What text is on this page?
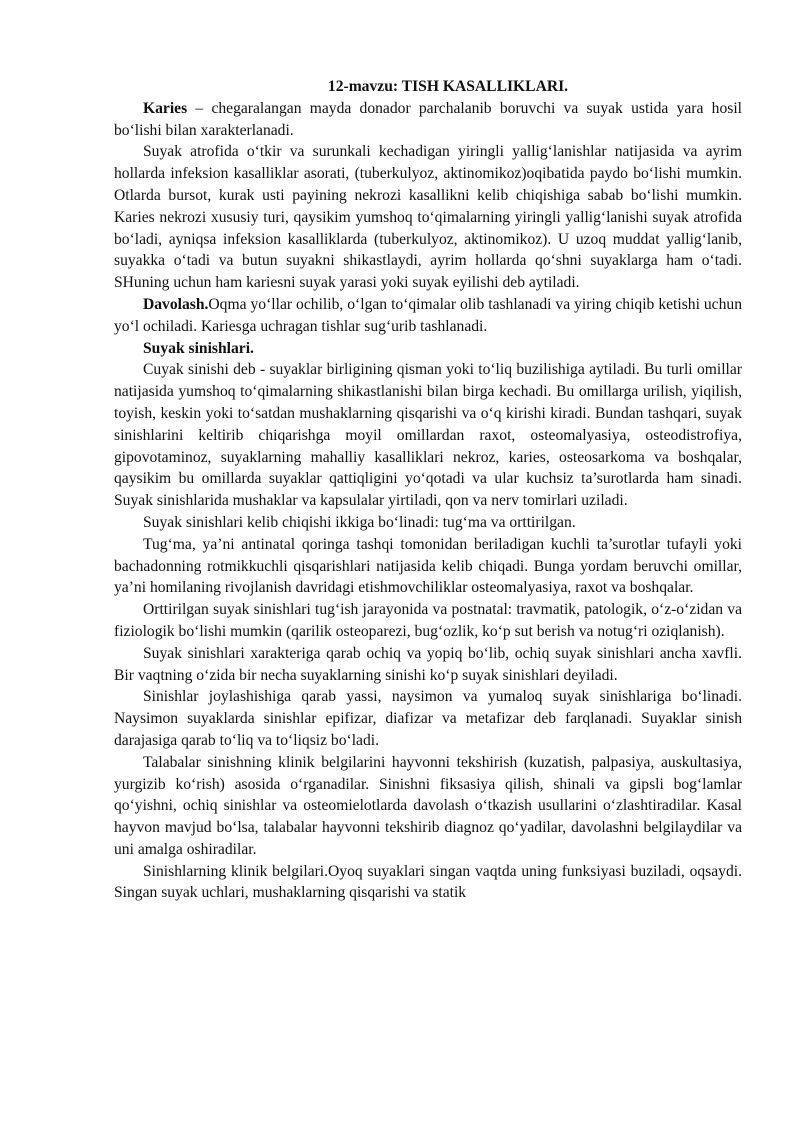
12-mavzu: TISH KASALLIKLARI.

Karies – chegaralangan mayda donador parchalanib boruvchi va suyak ustida yara hosil bo‘lishi bilan xarakterlanadi.

Suyak atrofida o‘tkir va surunkali kechadigan yiringli yallig‘lanishlar natijasida va ayrim hollarda infeksion kasalliklar asorati, (tuberkulyoz, aktinomikoz)oqibatida paydo bo‘lishi mumkin. Otlarda bursot, kurak usti payining nekrozi kasallikni kelib chiqishiga sabab bo‘lishi mumkin. Karies nekrozi xususiy turi, qaysikim yumshoq to‘qimalarning yiringli yallig‘lanishi suyak atrofida bo‘ladi, ayniqsa infeksion kasalliklarda (tuberkulyoz, aktinomikoz). U uzoq muddat yallig‘lanib, suyakka o‘tadi va butun suyakni shikastlaydi, ayrim hollarda qo‘shni suyaklarga ham o‘tadi. SHuning uchun ham kariesni suyak yarasi yoki suyak eyilishi deb aytiladi.

Davolash.Oqma yo‘llar ochilib, o‘lgan to‘qimalar olib tashlanadi va yiring chiqib ketishi uchun yo‘l ochiladi. Kariesga uchragan tishlar sug‘urib tashlanadi.

Suyak sinishlari.

Cuyak sinishi deb - suyaklar birligining qisman yoki to‘liq buzilishiga aytiladi. Bu turli omillar natijasida yumshoq to‘qimalarning shikastlanishi bilan birga kechadi. Bu omillarga urilish, yiqilish, toyish, keskin yoki to‘satdan mushaklarning qisqarishi va o‘q kirishi kiradi. Bundan tashqari, suyak sinishlarini keltirib chiqarishga moyil omillardan raxot, osteomalyasiya, osteodistrofiya, gipovotaminoz, suyaklarning mahalliy kasalliklari nekroz, karies, osteosarkoma va boshqalar, qaysikim bu omillarda suyaklar qattiqligini yo‘qotadi va ular kuchsiz ta’surotlarda ham sinadi. Suyak sinishlarida mushaklar va kapsulalar yirtiladi, qon va nerv tomirlari uziladi.

Suyak sinishlari kelib chiqishi ikkiga bo‘linadi: tug‘ma va orttirilgan.

Tug‘ma, ya’ni antinatal qoringa tashqi tomonidan beriladigan kuchli ta’surotlar tufayli yoki bachadonning rotmikkuchli qisqarishlari natijasida kelib chiqadi. Bunga yordam beruvchi omillar, ya’ni homilaning rivojlanish davridagi etishmovchiliklar osteomalyasiya, raxot va boshqalar.

Orttirilgan suyak sinishlari tug‘ish jarayonida va postnatal: travmatik, patologik, o‘z-o‘zidan va fiziologik bo‘lishi mumkin (qarilik osteoparezi, bug‘ozlik, ko‘p sut berish va notug‘ri oziqlanish).

Suyak sinishlari xarakteriga qarab ochiq va yopiq bo‘lib, ochiq suyak sinishlari ancha xavfli. Bir vaqtning o‘zida bir necha suyaklarning sinishi ko‘p suyak sinishlari deyiladi.

Sinishlar joylashishiga qarab yassi, naysimon va yumaloq suyak sinishlariga bo‘linadi. Naysimon suyaklarda sinishlar epifizar, diafizar va metafizar deb farqlanadi. Suyaklar sinish darajasiga qarab to‘liq va to‘liqsiz bo‘ladi.

Talabalar sinishning klinik belgilarini hayvonni tekshirish (kuzatish, palpasiya, auskultasiya, yurgizib ko‘rish) asosida o‘rganadilar. Sinishni fiksasiya qilish, shinali va gipsli bog‘lamlar qo‘yishni, ochiq sinishlar va osteomielotlarda davolash o‘tkazish usullarini o‘zlashtiradilar. Kasal hayvon mavjud bo‘lsa, talabalar hayvonni tekshirib diagnoz qo‘yadilar, davolashni belgilaydilar va uni amalga oshiradilar.

Sinishlarning klinik belgilari.Oyoq suyaklari singan vaqtda uning funksiyasi buziladi, oqsaydi. Singan suyak uchlari, mushaklarning qisqarishi va statik
